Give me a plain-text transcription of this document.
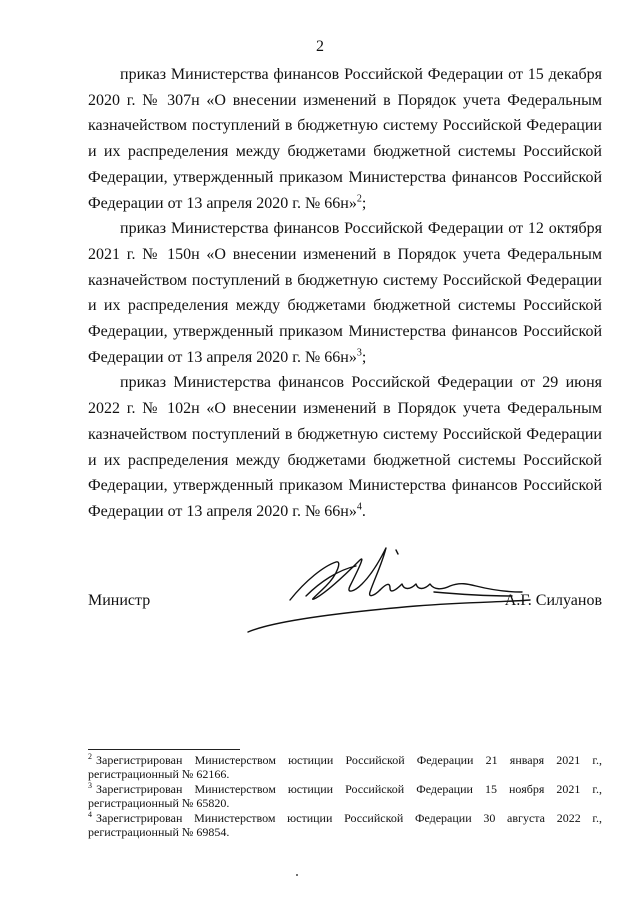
2

приказ Министерства финансов Российской Федерации от 15 декабря 2020 г. № 307н «О внесении изменений в Порядок учета Федеральным казначейством поступлений в бюджетную систему Российской Федерации и их распределения между бюджетами бюджетной системы Российской Федерации, утвержденный приказом Министерства финансов Российской Федерации от 13 апреля 2020 г. № 66н»$^2$;

приказ Министерства финансов Российской Федерации от 12 октября 2021 г. № 150н «О внесении изменений в Порядок учета Федеральным казначейством поступлений в бюджетную систему Российской Федерации и их распределения между бюджетами бюджетной системы Российской Федерации, утвержденный приказом Министерства финансов Российской Федерации от 13 апреля 2020 г. № 66н»$^3$;

приказ Министерства финансов Российской Федерации от 29 июня 2022 г. № 102н «О внесении изменений в Порядок учета Федеральным казначейством поступлений в бюджетную систему Российской Федерации и их распределения между бюджетами бюджетной системы Российской Федерации, утвержденный приказом Министерства финансов Российской Федерации от 13 апреля 2020 г. № 66н»$^4$.

Министр	А.Г. Силуанов

$^2$ Зарегистрирован Министерством юстиции Российской Федерации 21 января 2021 г., регистрационный № 62166.

$^3$ Зарегистрирован Министерством юстиции Российской Федерации 15 ноября 2021 г., регистрационный № 65820.

$^4$ Зарегистрирован Министерством юстиции Российской Федерации 30 августа 2022 г., регистрационный № 69854.
